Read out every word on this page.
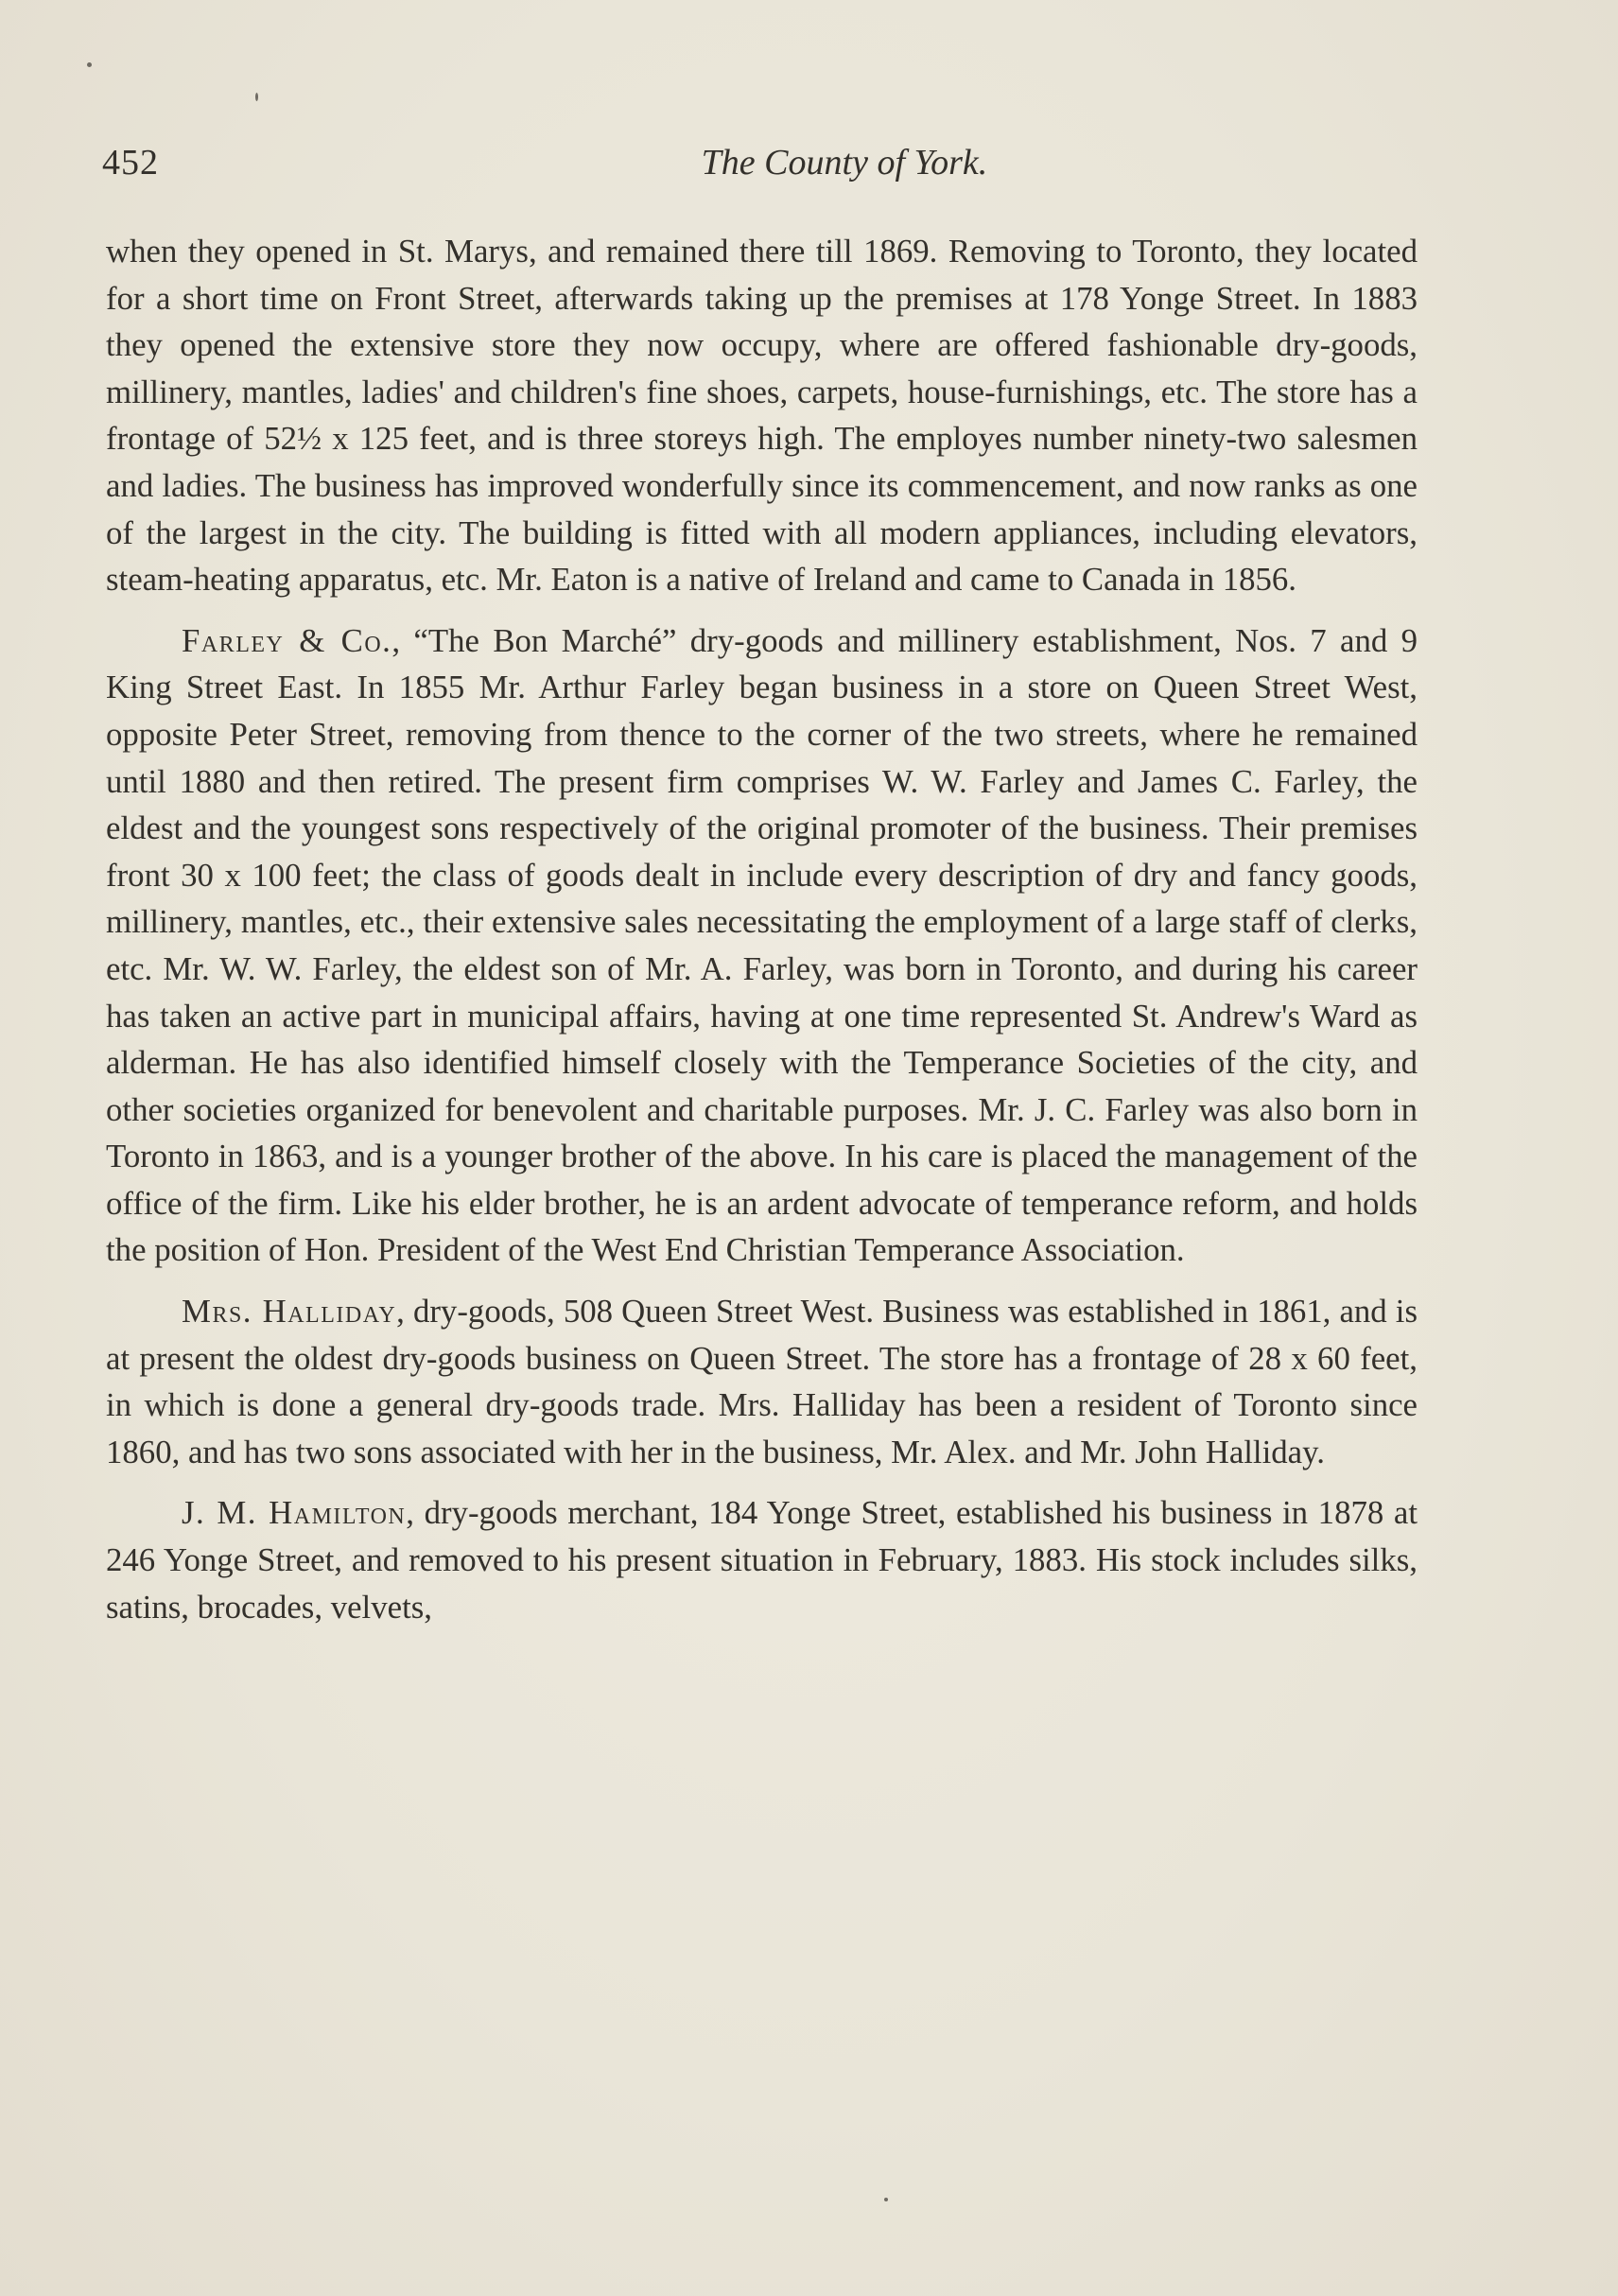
452	The County of York.

when they opened in St. Marys, and remained there till 1869. Removing to Toronto, they located for a short time on Front Street, afterwards taking up the premises at 178 Yonge Street. In 1883 they opened the extensive store they now occupy, where are offered fashionable dry-goods, millinery, mantles, ladies' and children's fine shoes, carpets, house-furnishings, etc. The store has a frontage of 52½ x 125 feet, and is three storeys high. The employes number ninety-two salesmen and ladies. The business has improved wonderfully since its commencement, and now ranks as one of the largest in the city. The building is fitted with all modern appliances, including elevators, steam-heating apparatus, etc. Mr. Eaton is a native of Ireland and came to Canada in 1856.

Farley & Co., “The Bon Marché” dry-goods and millinery establishment, Nos. 7 and 9 King Street East. In 1855 Mr. Arthur Farley began business in a store on Queen Street West, opposite Peter Street, removing from thence to the corner of the two streets, where he remained until 1880 and then retired. The present firm comprises W. W. Farley and James C. Farley, the eldest and the youngest sons respectively of the original promoter of the business. Their premises front 30 x 100 feet; the class of goods dealt in include every description of dry and fancy goods, millinery, mantles, etc., their extensive sales necessitating the employment of a large staff of clerks, etc. Mr. W. W. Farley, the eldest son of Mr. A. Farley, was born in Toronto, and during his career has taken an active part in municipal affairs, having at one time represented St. Andrew's Ward as alderman. He has also identified himself closely with the Temperance Societies of the city, and other societies organized for benevolent and charitable purposes. Mr. J. C. Farley was also born in Toronto in 1863, and is a younger brother of the above. In his care is placed the management of the office of the firm. Like his elder brother, he is an ardent advocate of temperance reform, and holds the position of Hon. President of the West End Christian Temperance Association.

Mrs. Halliday, dry-goods, 508 Queen Street West. Business was established in 1861, and is at present the oldest dry-goods business on Queen Street. The store has a frontage of 28 x 60 feet, in which is done a general dry-goods trade. Mrs. Halliday has been a resident of Toronto since 1860, and has two sons associated with her in the business, Mr. Alex. and Mr. John Halliday.

J. M. Hamilton, dry-goods merchant, 184 Yonge Street, established his business in 1878 at 246 Yonge Street, and removed to his present situation in February, 1883. His stock includes silks, satins, brocades, velvets,
